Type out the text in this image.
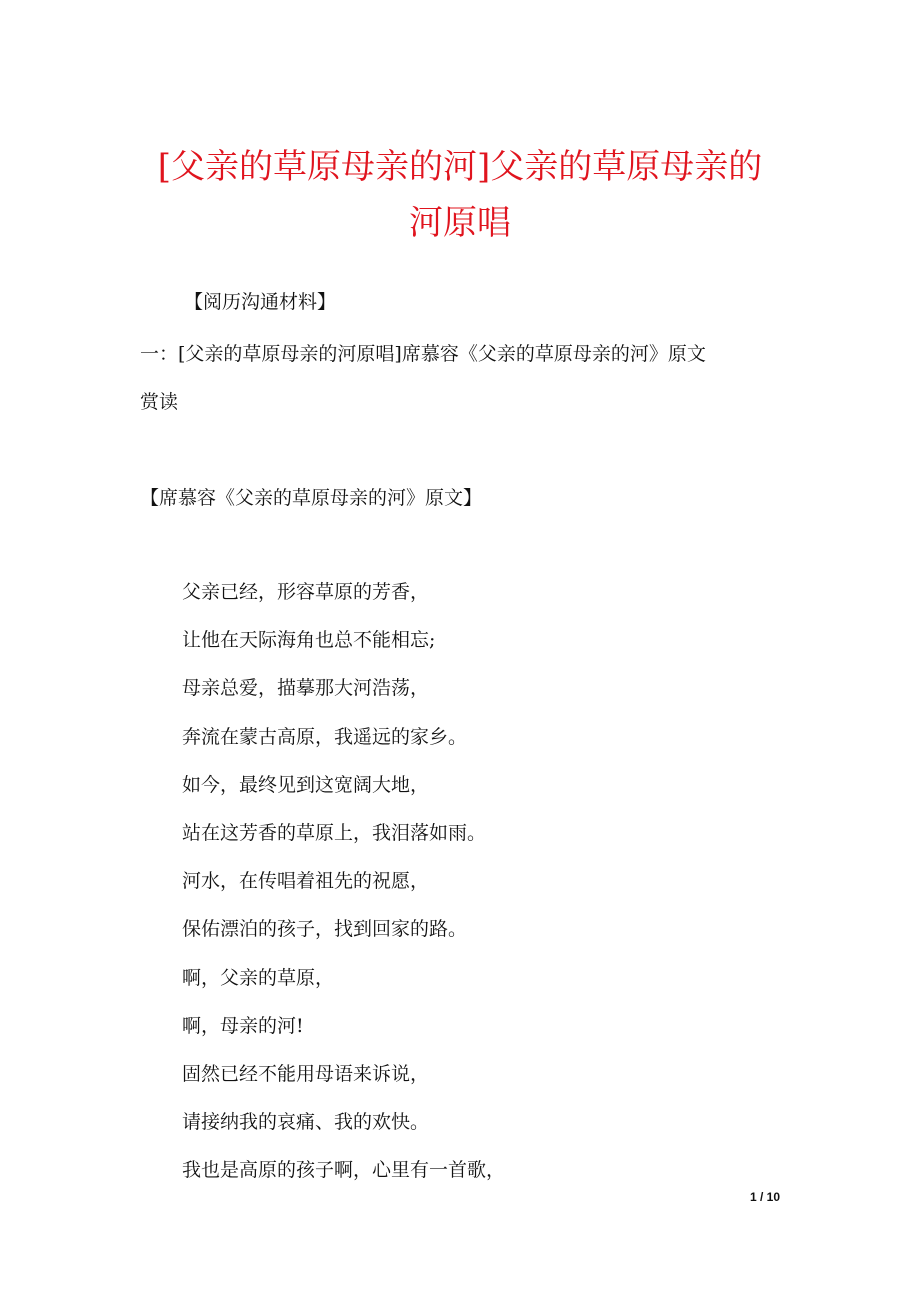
[父亲的草原母亲的河]父亲的草原母亲的
河原唱
【阅历沟通材料】
一：[父亲的草原母亲的河原唱]席慕容《父亲的草原母亲的河》原文
赏读
【席慕容《父亲的草原母亲的河》原文】
父亲已经，形容草原的芳香，
让他在天际海角也总不能相忘;
母亲总爱，描摹那大河浩荡，
奔流在蒙古高原，我遥远的家乡。
如今，最终见到这宽阔大地，
站在这芳香的草原上，我泪落如雨。
河水，在传唱着祖先的祝愿，
保佑漂泊的孩子，找到回家的路。
啊，父亲的草原，
啊，母亲的河!
固然已经不能用母语来诉说，
请接纳我的哀痛、我的欢快。
我也是高原的孩子啊，心里有一首歌，
1 / 10
